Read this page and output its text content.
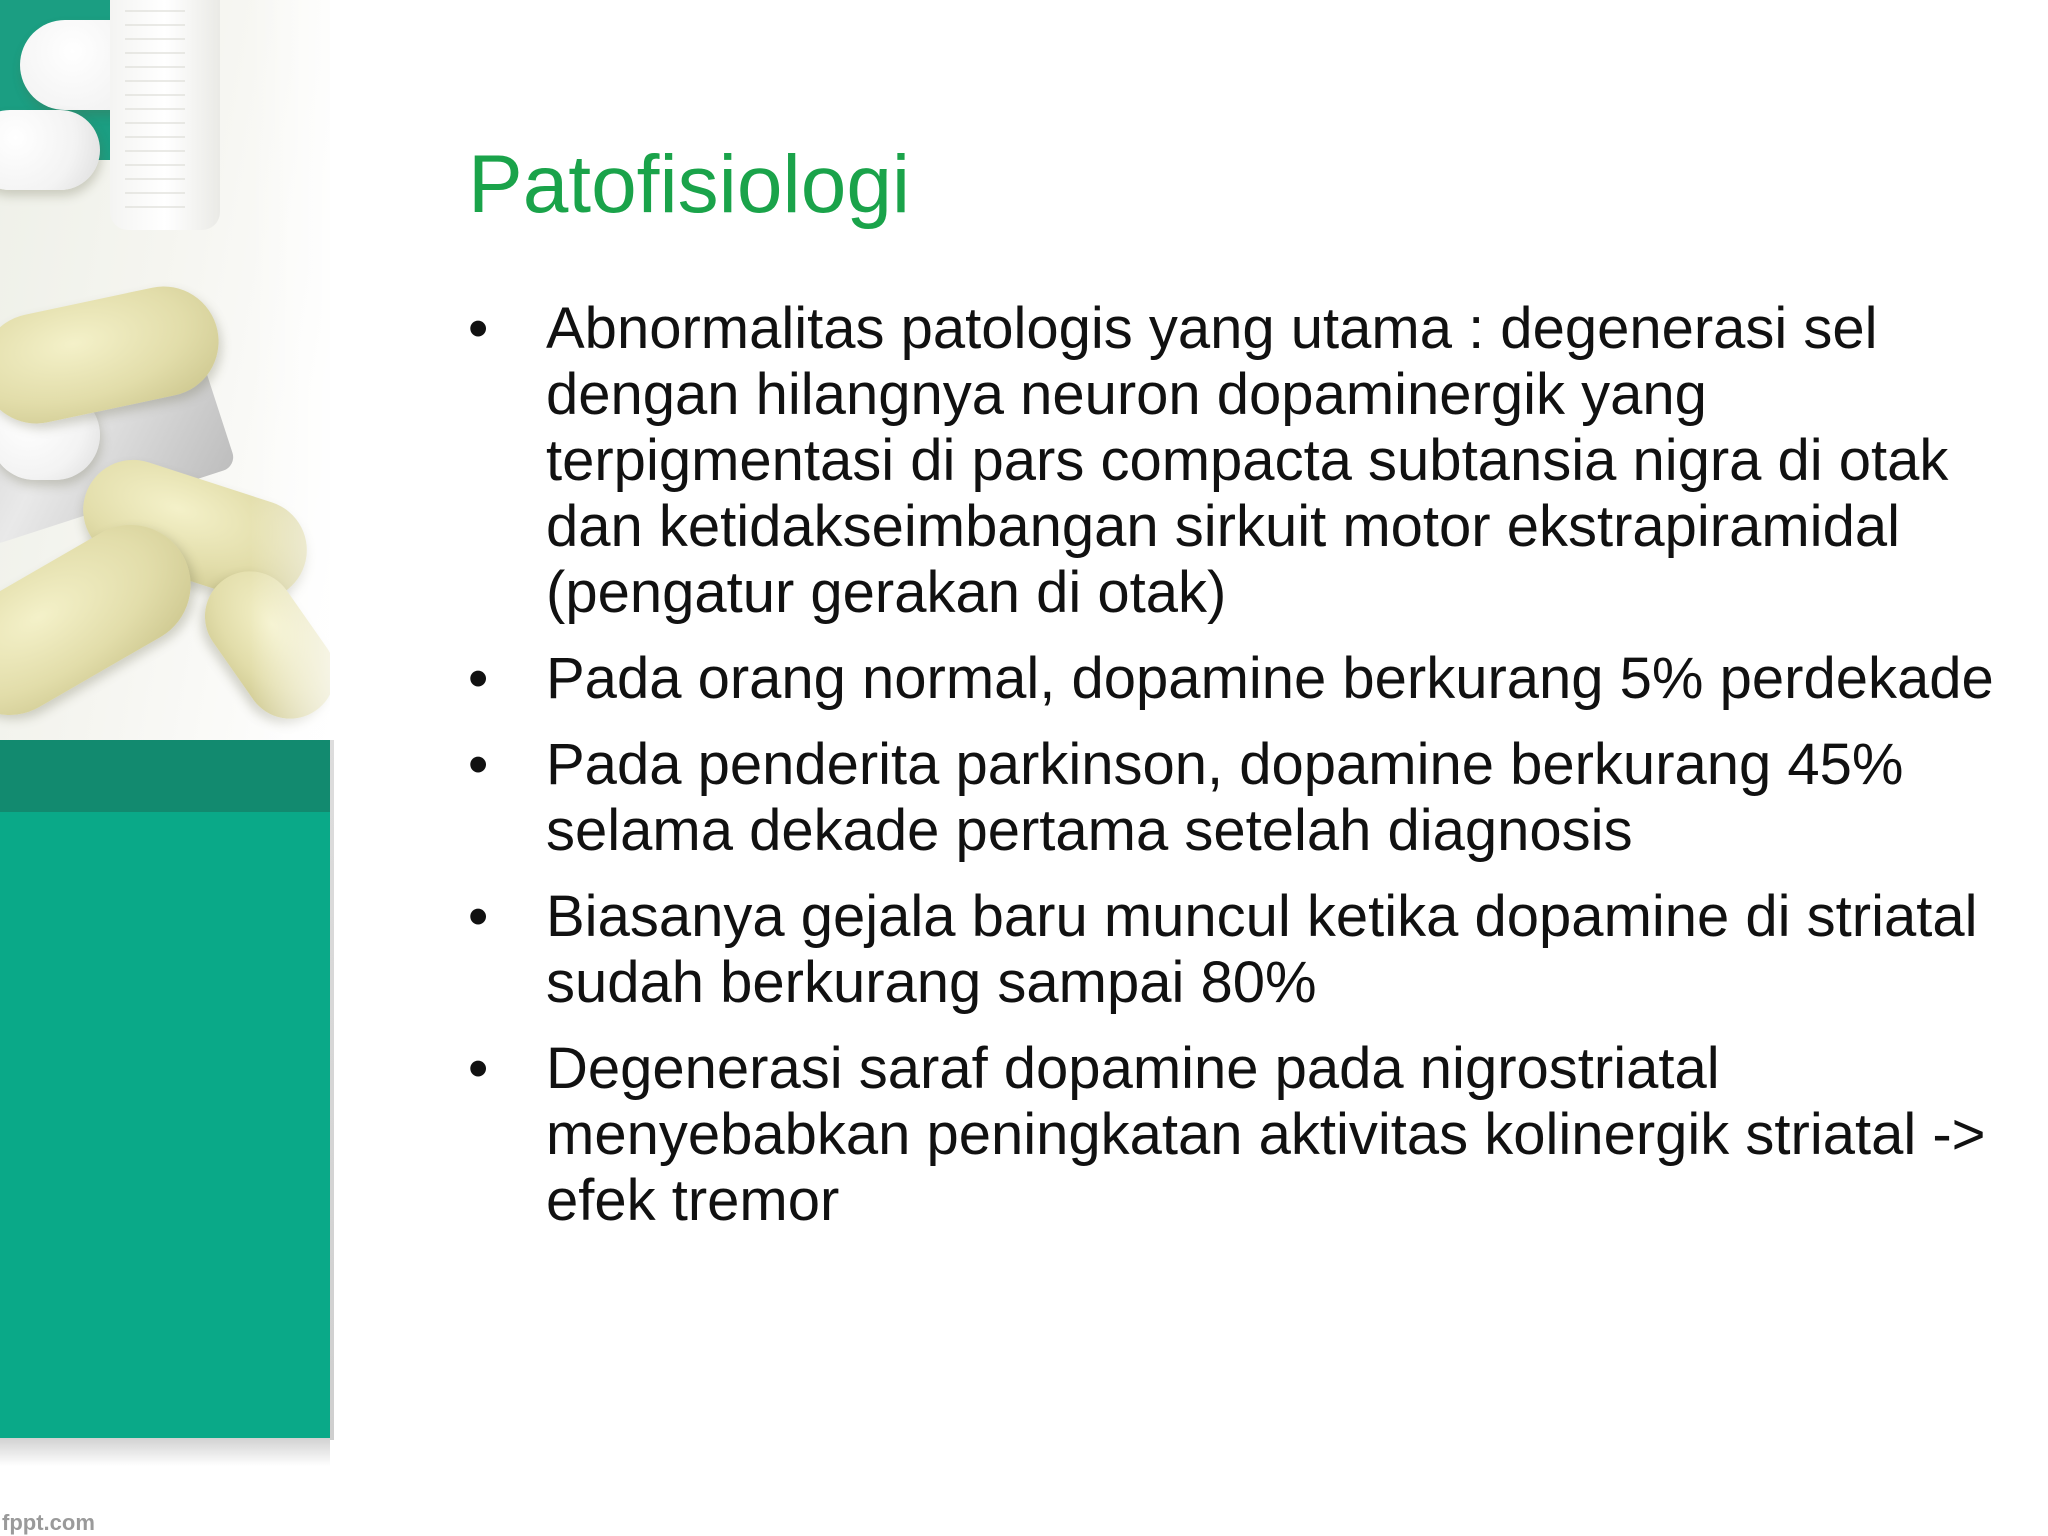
Patofisiologi
• Abnormalitas patologis yang utama : degenerasi sel dengan hilangnya neuron dopaminergik yang terpigmentasi di pars compacta subtansia nigra di otak dan ketidakseimbangan sirkuit motor ekstrapiramidal (pengatur gerakan di otak)
• Pada orang normal, dopamine berkurang 5% perdekade
• Pada penderita parkinson, dopamine berkurang 45% selama dekade pertama setelah diagnosis
• Biasanya gejala baru muncul ketika dopamine di striatal sudah berkurang sampai 80%
• Degenerasi saraf dopamine pada nigrostriatal menyebabkan peningkatan aktivitas kolinergik striatal -> efek tremor
fppt.com
